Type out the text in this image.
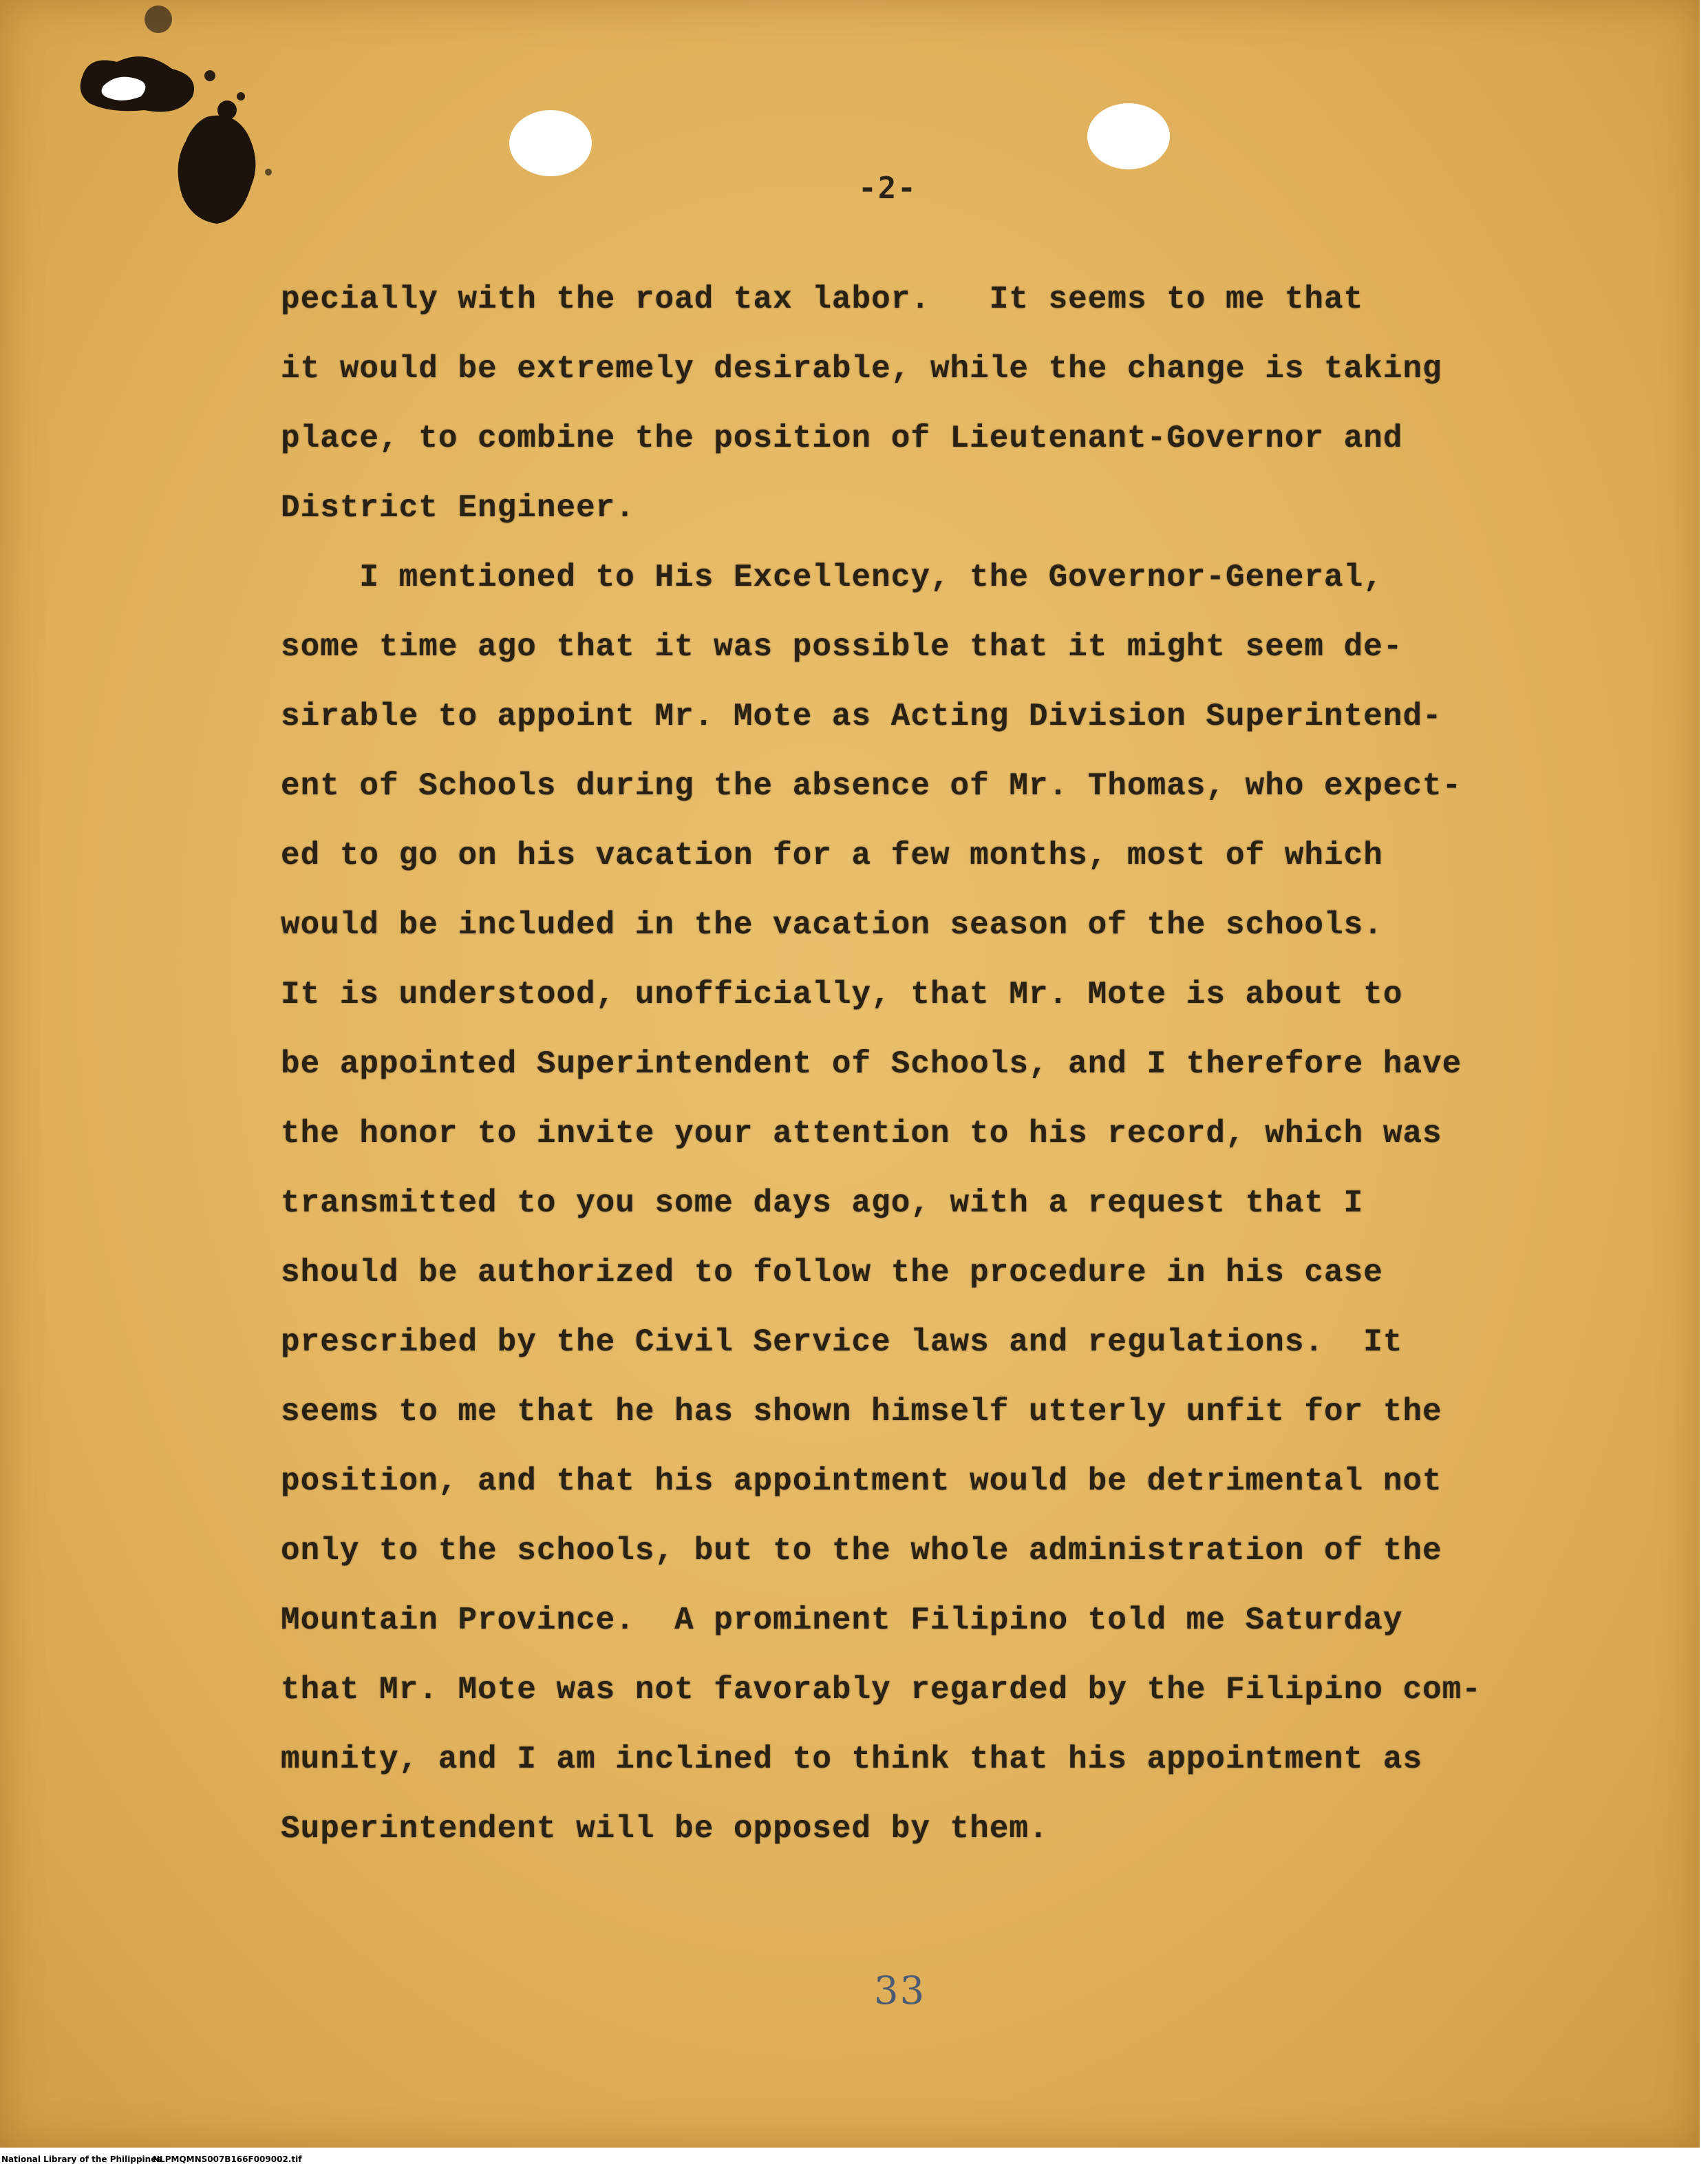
-2-
pecially with the road tax labor.   It seems to me that
it would be extremely desirable, while the change is taking
place, to combine the position of Lieutenant-Governor and
District Engineer.
I mentioned to His Excellency, the Governor-General,
some time ago that it was possible that it might seem de-
sirable to appoint Mr. Mote as Acting Division Superintend-
ent of Schools during the absence of Mr. Thomas, who expect-
ed to go on his vacation for a few months, most of which
would be included in the vacation season of the schools.
It is understood, unofficially, that Mr. Mote is about to
be appointed Superintendent of Schools, and I therefore have
the honor to invite your attention to his record, which was
transmitted to you some days ago, with a request that I
should be authorized to follow the procedure in his case
prescribed by the Civil Service laws and regulations.  It
seems to me that he has shown himself utterly unfit for the
position, and that his appointment would be detrimental not
only to the schools, but to the whole administration of the
Mountain Province.  A prominent Filipino told me Saturday
that Mr. Mote was not favorably regarded by the Filipino com-
munity, and I am inclined to think that his appointment as
Superintendent will be opposed by them.
33
National Library of the Philippines
NLPMQMNS007B166F009002.tif
